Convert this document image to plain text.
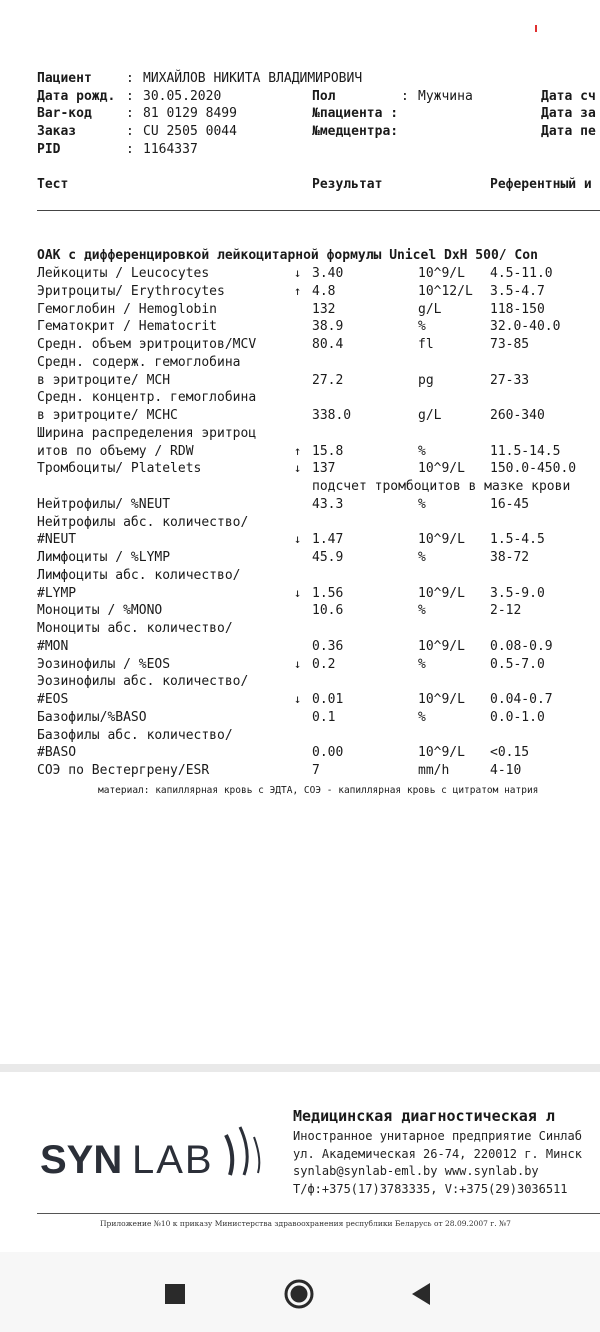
Пациент	: МИХАЙЛОВ НИКИТА ВЛАДИМИРОВИЧ
Дата рожд. : 30.05.2020	Пол	: Мужчина	Дата сч
Bar-код	: 81 0129 8499	№пациента :	Дата за
Заказ	: CU 2505 0044	№медцентра:	Дата пе
PID	: 1164337
Тест	Результат	Референтный и
ОАК с дифференцировкой лейкоцитарной формулы Unicel DxH 500/ Con
Лейкоциты / Leucocytes	↓ 3.40	10^9/L 4.5-11.0
Эритроциты/ Erythrocytes	↑ 4.8	10^12/L 3.5-4.7
Гемоглобин / Hemoglobin	132	g/L	118-150
Гематокрит / Hematocrit	38.9	%	32.0-40.0
Средн. объем эритроцитов/MCV	80.4	fl	73-85
Средн. содерж. гемоглобина
в эритроците/ MCH	27.2	pg	27-33
Средн. концентр. гемоглобина
в эритроците/ MCHC	338.0	g/L	260-340
Ширина распределения эритроц
итов по объему / RDW	↑ 15.8	%	11.5-14.5
Тромбоциты/ Platelets	↓ 137	10^9/L 150.0-450.0
подсчет тромбоцитов в мазке крови
Нейтрофилы/ %NEUT	43.3	%	16-45
Нейтрофилы абс. количество/
#NEUT	↓ 1.47	10^9/L 1.5-4.5
Лимфоциты / %LYMP	45.9	%	38-72
Лимфоциты абс. количество/
#LYMP	↓ 1.56	10^9/L 3.5-9.0
Моноциты / %MONO	10.6	%	2-12
Моноциты абс. количество/
#MON	0.36	10^9/L 0.08-0.9
Эозинофилы / %EOS	↓ 0.2	%	0.5-7.0
Эозинофилы абс. количество/
#EOS	↓ 0.01	10^9/L 0.04-0.7
Базофилы/%BASO	0.1	%	0.0-1.0
Базофилы абс. количество/
#BASO	0.00	10^9/L <0.15
СОЭ по Вестергрену/ESR	7	mm/h	4-10
материал: капиллярная кровь с ЭДТА, СОЭ - капиллярная кровь с цитратом натрия
SYN LAB
Медицинская диагностическая л
Иностранное унитарное предприятие Синлаб
ул. Академическая 26-74, 220012 г. Минск
synlab@synlab-eml.by www.synlab.by
Т/ф:+375(17)3783335, V:+375(29)3036511
Приложение №10 к приказу Министерства здравоохранения республики Беларусь от 28.09.2007 г. №7
